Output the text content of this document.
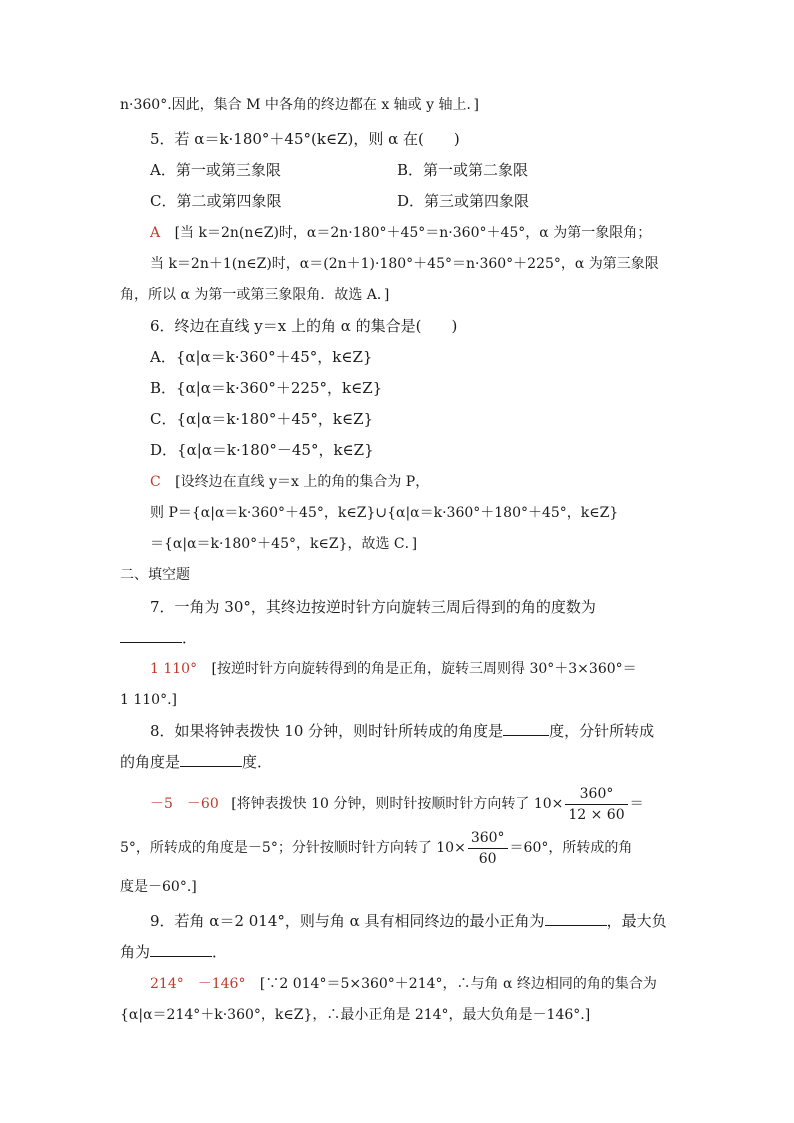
n·360°.因此，集合 M 中各角的终边都在 x 轴或 y 轴上．]
5．若 α＝k·180°＋45°(k∈Z)，则 α 在(　　)
A．第一或第三象限	B．第一或第二象限
C．第二或第四象限	D．第三或第四象限
A [当 k＝2n(n∈Z)时，α＝2n·180°＋45°＝n·360°＋45°，α 为第一象限角；
当 k＝2n＋1(n∈Z)时，α＝(2n＋1)·180°＋45°＝n·360°＋225°，α 为第三象限
角，所以 α 为第一或第三象限角．故选 A．]
6．终边在直线 y＝x 上的角 α 的集合是(　　)
A．{α|α＝k·360°＋45°，k∈Z}
B．{α|α＝k·360°＋225°，k∈Z}
C．{α|α＝k·180°＋45°，k∈Z}
D．{α|α＝k·180°－45°，k∈Z}
C [设终边在直线 y＝x 上的角的集合为 P，
则 P＝{α|α＝k·360°＋45°，k∈Z}∪{α|α＝k·360°＋180°＋45°，k∈Z}
＝{α|α＝k·180°＋45°，k∈Z}，故选 C．]
二、填空题
7．一角为 30°，其终边按逆时针方向旋转三周后得到的角的度数为
．
1 110° [按逆时针方向旋转得到的角是正角，旋转三周则得 30°＋3×360°＝
1 110°.]
8．如果将钟表拨快 10 分钟，则时针所转成的角度是	度，分针所转成
的角度是	度．
－5　－60 [将钟表拨快 10 分钟，则时针按顺时针方向转了 $10\times \frac{360^\circ}{12 \times 60}$ ＝
5°，所转成的角度是－5°；分针按顺时针方向转了 $10\times \frac{360^\circ}{60} =60^\circ$，所转成的角
度是－60°.]
9．若角 α＝2 014°，则与角 α 具有相同终边的最小正角为	，最大负
角为	．
214°　－146° [∵2 014°＝5×360°＋214°，∴与角 α 终边相同的角的集合为
{α|α＝214°＋k·360°，k∈Z}，∴最小正角是 214°，最大负角是－146°.]
